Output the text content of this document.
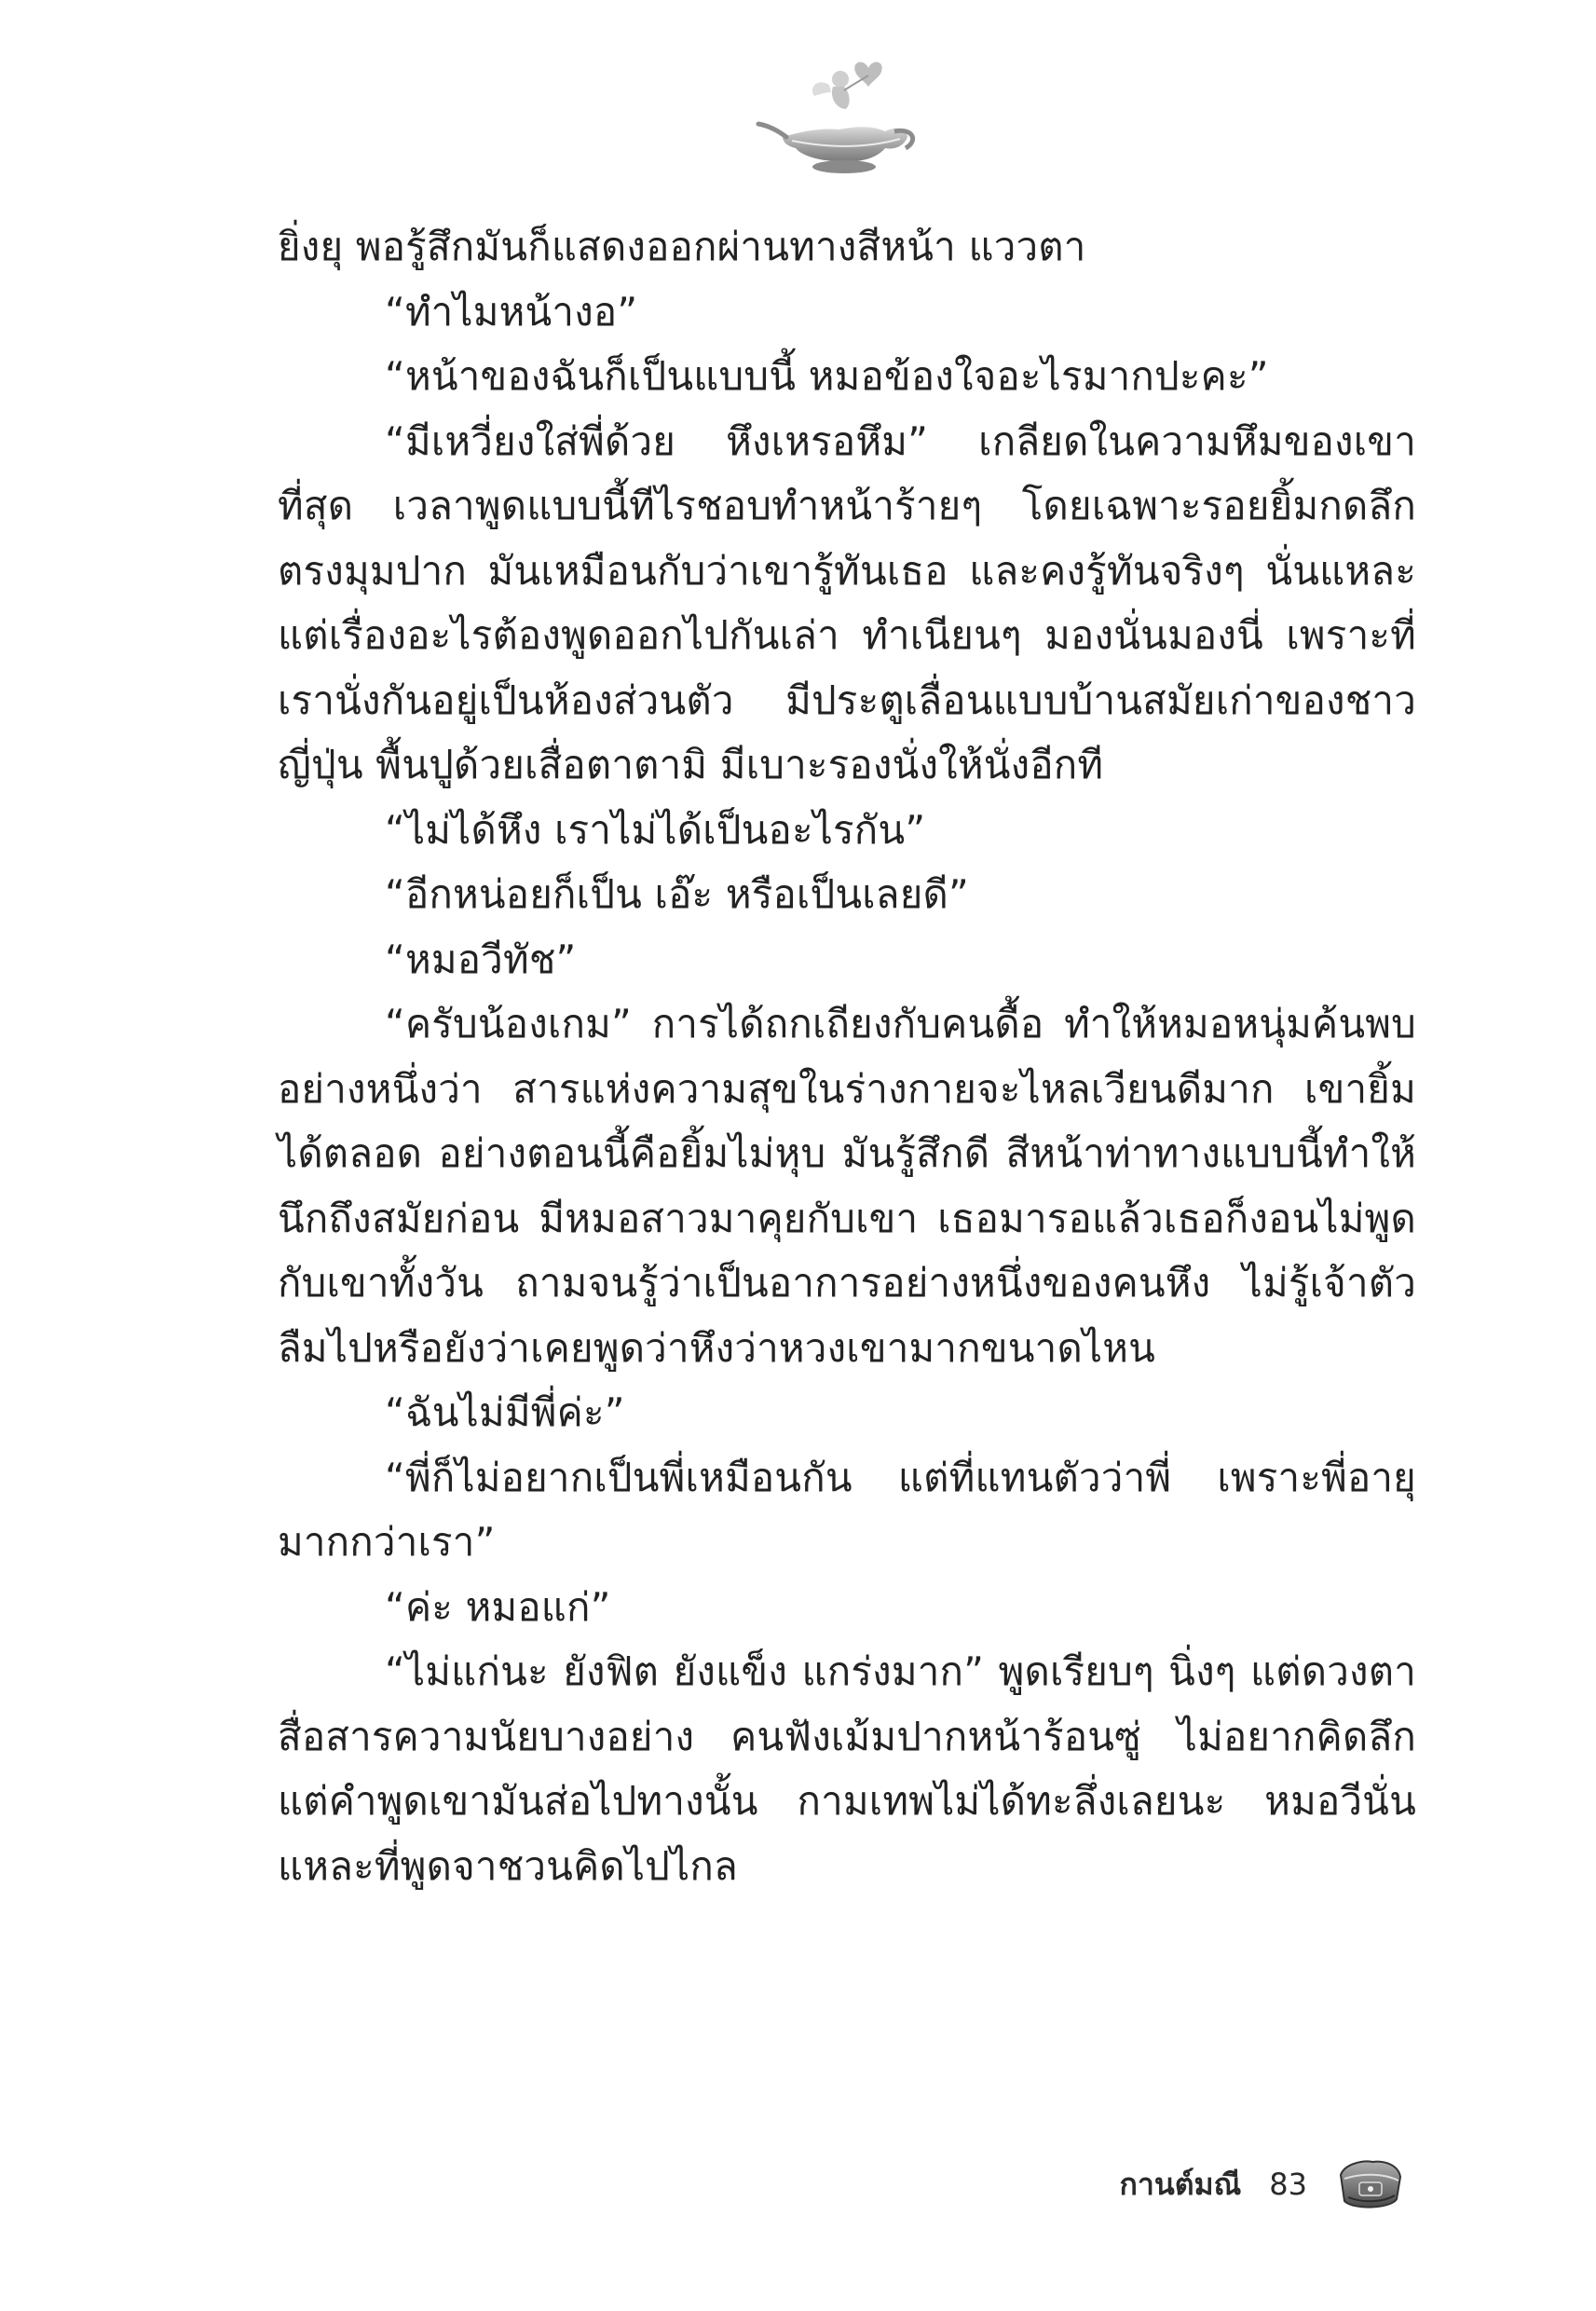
ยิ่งยุ พอรู้สึกมันก็แสดงออกผ่านทางสีหน้า แววตา

“ทำไมหน้างอ”

“หน้าของฉันก็เป็นแบบนี้ หมอข้องใจอะไรมากปะคะ”

“มีเหวี่ยงใส่พี่ด้วย หึงเหรอหึม” เกลียดในความหึมของเขาที่สุด เวลาพูดแบบนี้ทีไรชอบทำหน้าร้ายๆ โดยเฉพาะรอยยิ้มกดลึกตรงมุมปาก มันเหมือนกับว่าเขารู้ทันเธอ และคงรู้ทันจริงๆ นั่นแหละ แต่เรื่องอะไรต้องพูดออกไปกันเล่า ทำเนียนๆ มองนั่นมองนี่ เพราะที่เรานั่งกันอยู่เป็นห้องส่วนตัว มีประตูเลื่อนแบบบ้านสมัยเก่าของชาวญี่ปุ่น พื้นปูด้วยเสื่อตาตามิ มีเบาะรองนั่งให้นั่งอีกที

“ไม่ได้หึง เราไม่ได้เป็นอะไรกัน”

“อีกหน่อยก็เป็น เอ๊ะ หรือเป็นเลยดี”

“หมอวีทัช”

“ครับน้องเกม” การได้ถกเถียงกับคนดื้อ ทำให้หมอหนุ่มค้นพบอย่างหนึ่งว่า สารแห่งความสุขในร่างกายจะไหลเวียนดีมาก เขายิ้มได้ตลอด อย่างตอนนี้คือยิ้มไม่หุบ มันรู้สึกดี สีหน้าท่าทางแบบนี้ทำให้นึกถึงสมัยก่อน มีหมอสาวมาคุยกับเขา เธอมารอแล้วเธอก็งอนไม่พูดกับเขาทั้งวัน ถามจนรู้ว่าเป็นอาการอย่างหนึ่งของคนหึง ไม่รู้เจ้าตัวลืมไปหรือยังว่าเคยพูดว่าหึงว่าหวงเขามากขนาดไหน

“ฉันไม่มีพี่ค่ะ”

“พี่ก็ไม่อยากเป็นพี่เหมือนกัน แต่ที่แทนตัวว่าพี่ เพราะพี่อายุมากกว่าเรา”

“ค่ะ หมอแก่”

“ไม่แก่นะ ยังฟิต ยังแข็ง แกร่งมาก” พูดเรียบๆ นิ่งๆ แต่ดวงตาสื่อสารความนัยบางอย่าง คนฟังเม้มปากหน้าร้อนซู่ ไม่อยากคิดลึกแต่คำพูดเขามันส่อไปทางนั้น กามเทพไม่ได้ทะลึ่งเลยนะ หมอวีนั่นแหละที่พูดจาชวนคิดไปไกล

กานต์มณี 83
